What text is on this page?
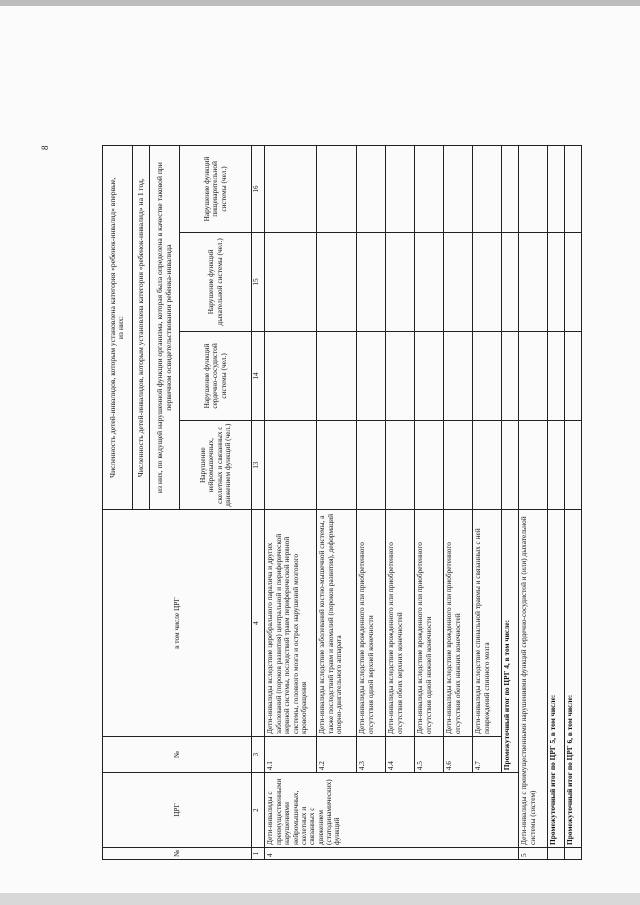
8
№	ЦРГ	№	в том числе ЦРГ	Численность детей-инвалидов, которым установлена категория «ребенок-инвалид» впервые,
из них:			
				Численность детей-инвалидов, которым установлена категория «ребенок-инвалид» на 1 год,			
				из них, по ведущей нарушенной функции организма, которая была определена в качестве таковой при первичном освидетельствовании ребенка-инвалида			
				Нарушение нейромышечных, скелетных и связанных с движением функций (чел.)	Нарушение функций сердечно-сосудистой системы (чел.)	Нарушение функций дыхательной системы (чел.)	Нарушение функций пищеварительной системы (чел.)
1	2	3	4	13	14	15	16
4	Дети-инвалиды с преимущественными нарушениями нейромышечных, скелетных и связанных с движением (статодинамических) функций	4.1	Дети-инвалиды вследствие церебрального паралича и других заболеваний (пороков развития) центральной и периферической нервной системы, последствий травм периферической нервной системы, головного мозга и острых нарушений мозгового кровообращения				
		4.2	Дети-инвалиды вследствие заболеваний костно-мышечной системы, а также последствий травм и аномалий (пороков развития), деформаций опорно-двигательного аппарата				
		4.3	Дети-инвалиды вследствие врожденного или приобретенного отсутствия одной верхней конечности				
		4.4	Дети-инвалиды вследствие врожденного или приобретенного отсутствия обеих верхних конечностей				
		4.5	Дети-инвалиды вследствие врожденного или приобретенного отсутствия одной нижней конечности				
		4.6	Дети-инвалиды вследствие врожденного или приобретенного отсутствия обеих нижних конечностей				
		4.7	Дети-инвалиды вследствие спинальной травмы и связанных с ней повреждений спинного мозга				
		Промежуточный итог по ЦРГ 4, в том числе:					
5	Дети-инвалиды с преимущественными нарушениями функций сердечно-сосудистой и (или) дыхательной системы (систем)						
	Промежуточный итог по ЦРГ 5, в том числе:						
	Промежуточный итог по ЦРГ 6, в том числе:						
